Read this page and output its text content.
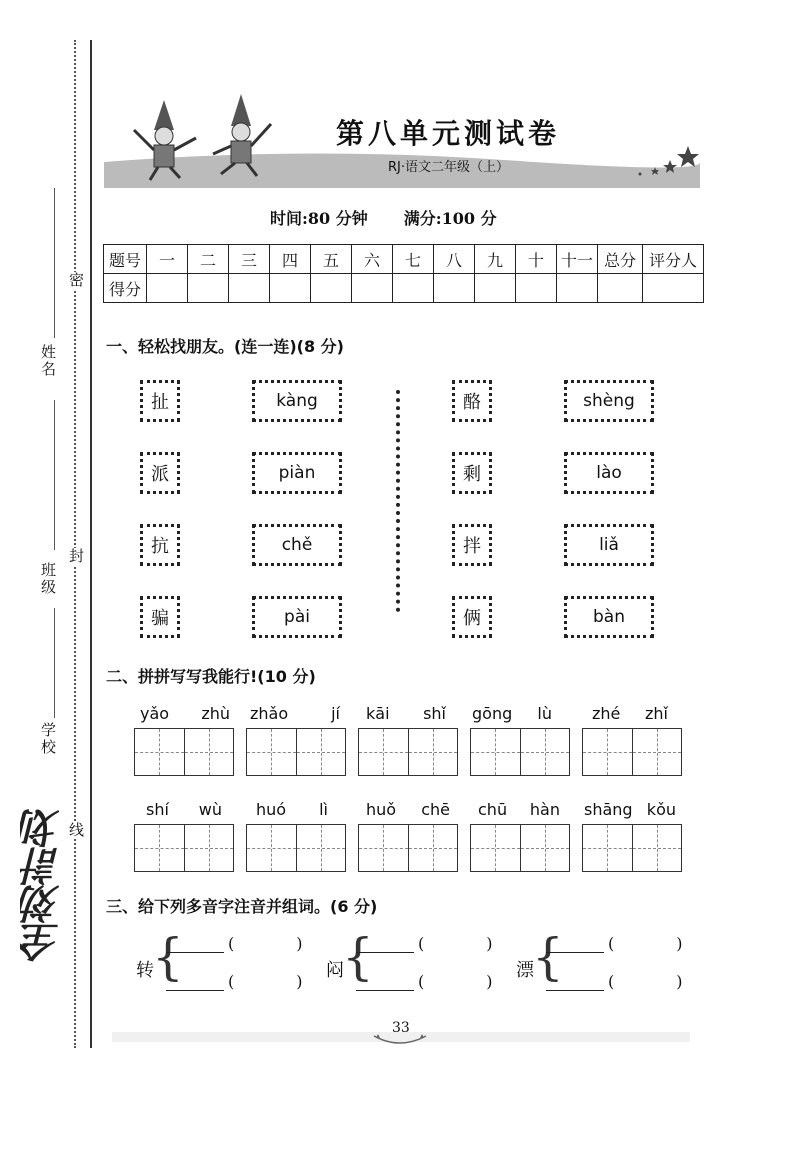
姓名
班级
学校
密
封
线
全効計划
第八单元测试卷
RJ·语文二年级（上）
时间:80 分钟 满分:100 分
题号	一	二	三	四	五	六	七	八	九	十	十一	总分	评分人
得分													
一、轻松找朋友。(连一连)(8 分)
扯
派
抗
骗
kàng
piàn
chě
pài
酪
剩
拌
俩
shèng
lào
liǎ
bàn
二、拼拼写写我能行!(10 分)
yǎo zhù zhǎo	jí kāi shǐ gōng lù	zhé zhǐ
shí wù huó lì huǒ chē chū hàn shāng kǒu
三、给下列多音字注音并组词。(6 分)
转
{	(	)
(	)
闷
{	(	)
(	)
漂
{	(	)
(	)
33
